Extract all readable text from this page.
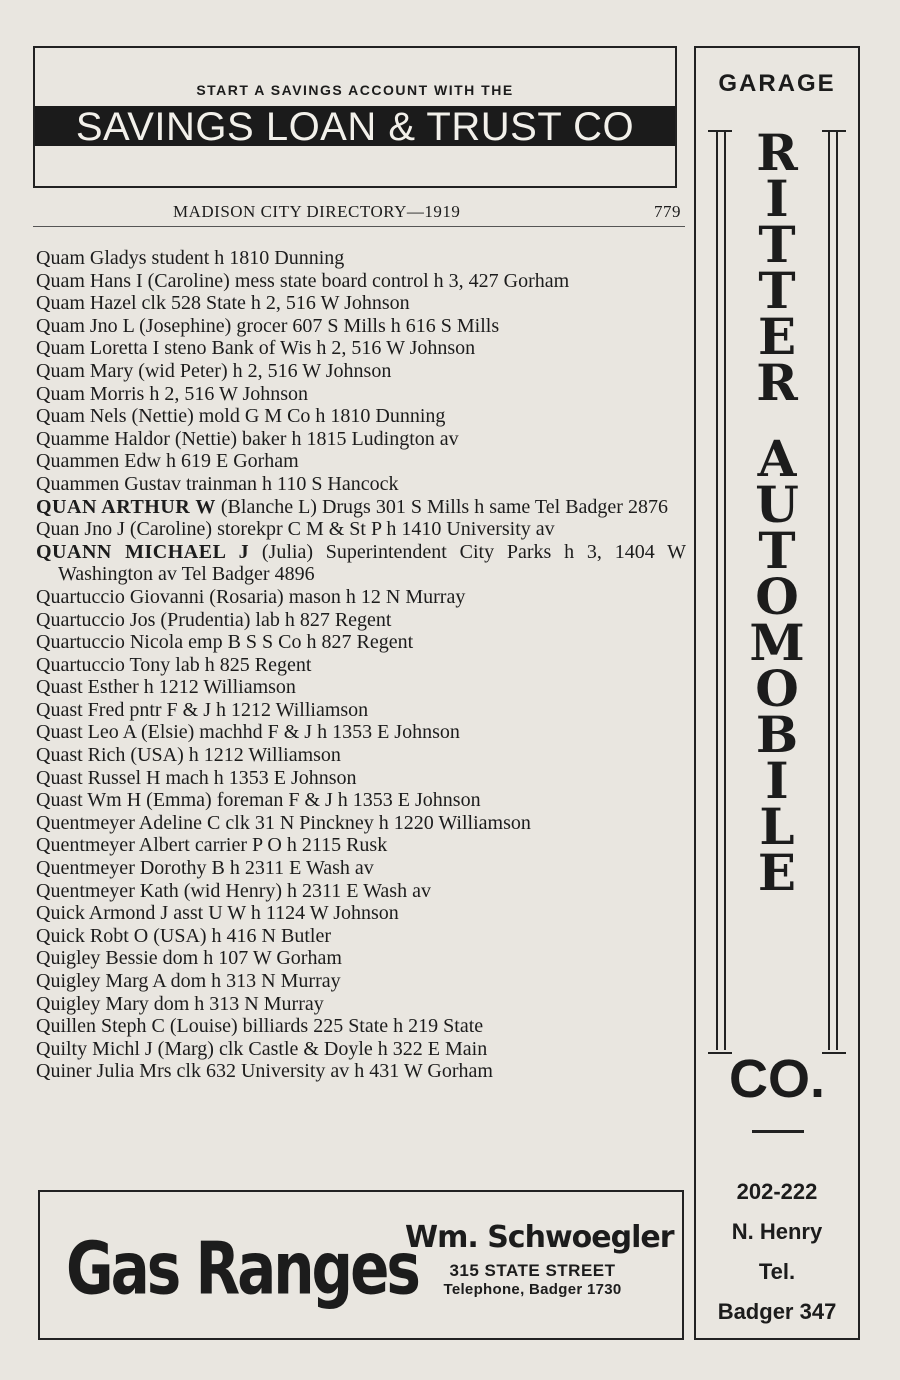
START A SAVINGS ACCOUNT WITH THE
SAVINGS LOAN & TRUST CO
MADISON CITY DIRECTORY—1919	779
Quam Gladys student h 1810 Dunning
Quam Hans I (Caroline) mess state board control h 3, 427 Gorham
Quam Hazel clk 528 State h 2, 516 W Johnson
Quam Jno L (Josephine) grocer 607 S Mills h 616 S Mills
Quam Loretta I steno Bank of Wis h 2, 516 W Johnson
Quam Mary (wid Peter) h 2, 516 W Johnson
Quam Morris h 2, 516 W Johnson
Quam Nels (Nettie) mold G M Co h 1810 Dunning
Quamme Haldor (Nettie) baker h 1815 Ludington av
Quammen Edw h 619 E Gorham
Quammen Gustav trainman h 110 S Hancock
QUAN ARTHUR W (Blanche L) Drugs 301 S Mills h same Tel Badger 2876
Quan Jno J (Caroline) storekpr C M & St P h 1410 University av
QUANN MICHAEL J (Julia) Superintendent City Parks h 3, 1404 W Washington av Tel Badger 4896
Quartuccio Giovanni (Rosaria) mason h 12 N Murray
Quartuccio Jos (Prudentia) lab h 827 Regent
Quartuccio Nicola emp B S S Co h 827 Regent
Quartuccio Tony lab h 825 Regent
Quast Esther h 1212 Williamson
Quast Fred pntr F & J h 1212 Williamson
Quast Leo A (Elsie) machhd F & J h 1353 E Johnson
Quast Rich (USA) h 1212 Williamson
Quast Russel H mach h 1353 E Johnson
Quast Wm H (Emma) foreman F & J h 1353 E Johnson
Quentmeyer Adeline C clk 31 N Pinckney h 1220 Williamson
Quentmeyer Albert carrier P O h 2115 Rusk
Quentmeyer Dorothy B h 2311 E Wash av
Quentmeyer Kath (wid Henry) h 2311 E Wash av
Quick Armond J asst U W h 1124 W Johnson
Quick Robt O (USA) h 416 N Butler
Quigley Bessie dom h 107 W Gorham
Quigley Marg A dom h 313 N Murray
Quigley Mary dom h 313 N Murray
Quillen Steph C (Louise) billiards 225 State h 219 State
Quilty Michl J (Marg) clk Castle & Doyle h 322 E Main
Quiner Julia Mrs clk 632 University av h 431 W Gorham
Gas Ranges
Wm. Schwoegler
315 STATE STREET
Telephone, Badger 1730
GARAGE
R
I
T
T
E
R
A
U
T
O
M
O
B
I
L
E
CO.
202-222
N. Henry
Tel.
Badger 347
